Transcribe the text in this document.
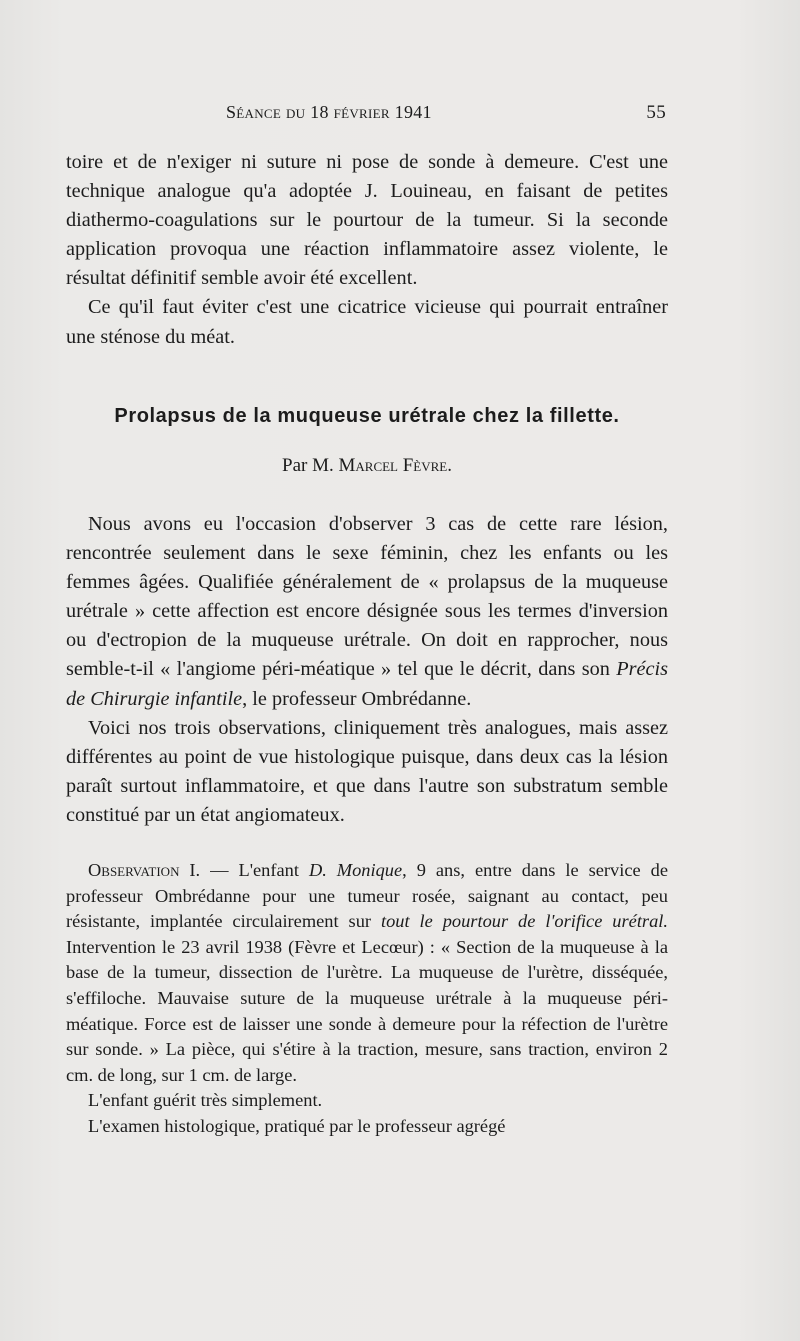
Séance du 18 février 1941	55

toire et de n'exiger ni suture ni pose de sonde à demeure. C'est une technique analogue qu'a adoptée J. Louineau, en faisant de petites diathermo-coagulations sur le pourtour de la tumeur. Si la seconde application provoqua une réaction inflammatoire assez violente, le résultat définitif semble avoir été excellent.

Ce qu'il faut éviter c'est une cicatrice vicieuse qui pourrait entraîner une sténose du méat.

Prolapsus de la muqueuse urétrale chez la fillette.
Par M. Marcel Fèvre.

Nous avons eu l'occasion d'observer 3 cas de cette rare lésion, rencontrée seulement dans le sexe féminin, chez les enfants ou les femmes âgées. Qualifiée généralement de « prolapsus de la muqueuse urétrale » cette affection est encore désignée sous les termes d'inversion ou d'ectropion de la muqueuse urétrale. On doit en rapprocher, nous semble-t-il « l'angiome péri-méatique » tel que le décrit, dans son Précis de Chirurgie infantile, le professeur Ombrédanne.

Voici nos trois observations, cliniquement très analogues, mais assez différentes au point de vue histologique puisque, dans deux cas la lésion paraît surtout inflammatoire, et que dans l'autre son substratum semble constitué par un état angiomateux.

Observation I. — L'enfant D. Monique, 9 ans, entre dans le service de professeur Ombrédanne pour une tumeur rosée, saignant au contact, peu résistante, implantée circulairement sur tout le pourtour de l'orifice urétral. Intervention le 23 avril 1938 (Fèvre et Lecœur) : « Section de la muqueuse à la base de la tumeur, dissection de l'urètre. La muqueuse de l'urètre, disséquée, s'effiloche. Mauvaise suture de la muqueuse urétrale à la muqueuse péri-méatique. Force est de laisser une sonde à demeure pour la réfection de l'urètre sur sonde. » La pièce, qui s'étire à la traction, mesure, sans traction, environ 2 cm. de long, sur 1 cm. de large.

L'enfant guérit très simplement.

L'examen histologique, pratiqué par le professeur agrégé
